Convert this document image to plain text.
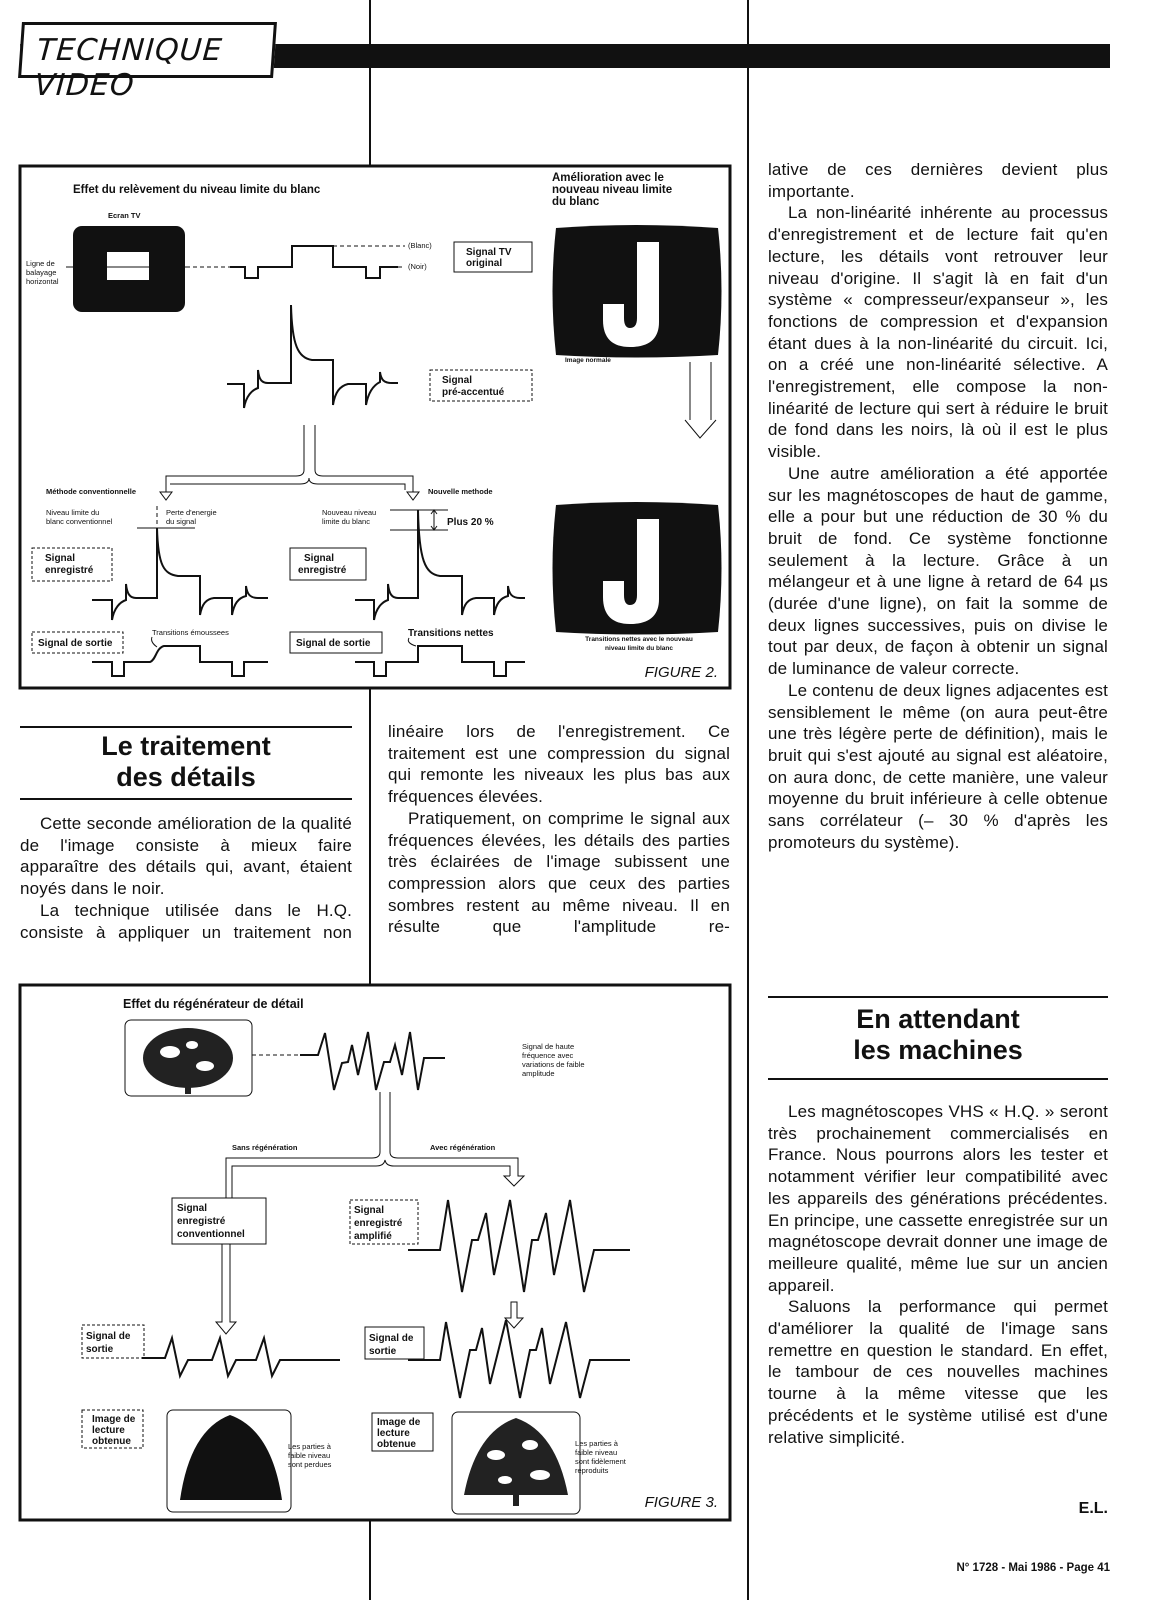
TECHNIQUE VIDEO
Effet du relèvement du niveau limite du blanc
Ecran TV
Ligne de
balayage
horizontal
(Blanc)
(Noir)
Signal TV
original
Signal
pré-accentué
Méthode conventionnelle	Nouvelle methode
Niveau limite du
blanc conventionnel
Perte d'energie
du signal
Signal
enregistré
Signal de sortie
Transitions émoussees
Nouveau niveau
limite du blanc	Plus 20 %
Signal
enregistré
Signal de sortie
Transitions nettes
Amélioration avec le
nouveau niveau limite
du blanc
Image normale
Transitions nettes avec le nouveau
niveau limite du blanc
FIGURE 2.
Effet du régénérateur de détail
Signal de haute
fréquence avec
variations de faible
amplitude
Sans régénération	Avec régénération
Signal
enregistré
conventionnel
Signal
enregistré
amplifié
Signal de
sortie
Signal de
sortie
Image de
lecture
obtenue	Les parties à
faible niveau
sont perdues
Image de
lecture
obtenue	Les parties à
faible niveau
sont fidèlement
reproduits
FIGURE 3.
Le traitement
des détails

Cette seconde amélioration de la qualité de l'image consiste à mieux faire apparaître des détails qui, avant, étaient noyés dans le noir.

La technique utilisée dans le H.Q. consiste à appliquer un traitement non

linéaire lors de l'enregistrement. Ce traitement est une compression du signal qui remonte les niveaux les plus bas aux fréquences élevées.

Pratiquement, on comprime le signal aux fréquences élevées, les détails des parties très éclairées de l'image subissent une compression alors que ceux des parties sombres restent au même niveau. Il en résulte que l'amplitude re-

lative de ces dernières devient plus importante.

La non-linéarité inhérente au processus d'enregistrement et de lecture fait qu'en lecture, les détails vont retrouver leur niveau d'origine. Il s'agit là en fait d'un système « compresseur/expanseur », les fonctions de compression et d'expansion étant dues à la non-linéarité du circuit. Ici, on a créé une non-linéarité sélective. A l'enregistrement, elle compose la non-linéarité de lecture qui sert à réduire le bruit de fond dans les noirs, là où il est le plus visible.

Une autre amélioration a été apportée sur les magnétoscopes de haut de gamme, elle a pour but une réduction de 30 % du bruit de fond. Ce système fonctionne seulement à la lecture. Grâce à un mélangeur et à une ligne à retard de 64 µs (durée d'une ligne), on fait la somme de deux lignes successives, puis on divise le tout par deux, de façon à obtenir un signal de luminance de valeur correcte.

Le contenu de deux lignes adjacentes est sensiblement le même (on aura peut-être une très légère perte de définition), mais le bruit qui s'est ajouté au signal est aléatoire, on aura donc, de cette manière, une valeur moyenne du bruit inférieure à celle obtenue sans corrélateur (– 30 % d'après les promoteurs du système).

En attendant
les machines

Les magnétoscopes VHS « H.Q. » seront très prochainement commercialisés en France. Nous pourrons alors les tester et notamment vérifier leur compatibilité avec les appareils des générations précédentes. En principe, une cassette enregistrée sur un magnétoscope devrait donner une image de meilleure qualité, même lue sur un ancien appareil.

Saluons la performance qui permet d'améliorer la qualité de l'image sans remettre en question le standard. En effet, le tambour de ces nouvelles machines tourne à la même vitesse que les précédents et le système utilisé est d'une relative simplicité.

E.L.
N° 1728 - Mai 1986 - Page 41
